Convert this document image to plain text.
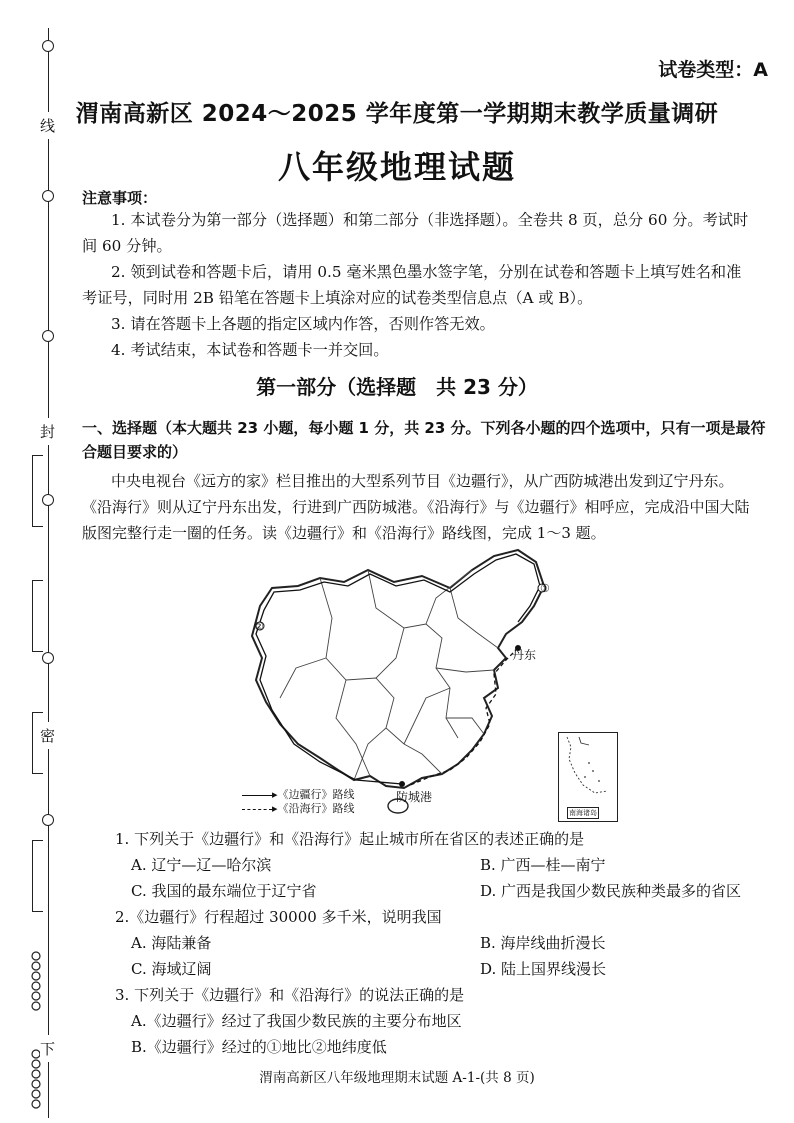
线
封
密
下
试卷类型：A
渭南高新区 2024～2025 学年度第一学期期末教学质量调研
八年级地理试题
注意事项：
1. 本试卷分为第一部分（选择题）和第二部分（非选择题）。全卷共 8 页，总分 60 分。考试时
间 60 分钟。
2. 领到试卷和答题卡后，请用 0.5 毫米黑色墨水签字笔，分别在试卷和答题卡上填写姓名和准
考证号，同时用 2B 铅笔在答题卡上填涂对应的试卷类型信息点（A 或 B）。
3. 请在答题卡上各题的指定区域内作答，否则作答无效。
4. 考试结束，本试卷和答题卡一并交回。
第一部分（选择题　共 23 分）
一、选择题（本大题共 23 小题，每小题 1 分，共 23 分。下列各小题的四个选项中，只有一项是最符合题目要求的）
中央电视台《远方的家》栏目推出的大型系列节目《边疆行》，从广西防城港出发到辽宁丹东。
《沿海行》则从辽宁丹东出发，行进到广西防城港。《沿海行》与《边疆行》相呼应，完成沿中国大陆
版图完整行走一圈的任务。读《边疆行》和《沿海行》路线图，完成 1～3 题。
①
②
丹东
防城港
▸《边疆行》路线
▸《沿海行》路线	南海诸岛
1. 下列关于《边疆行》和《沿海行》起止城市所在省区的表述正确的是
A. 辽宁—辽—哈尔滨	B. 广西—桂—南宁
C. 我国的最东端位于辽宁省	D. 广西是我国少数民族种类最多的省区
2.《边疆行》行程超过 30000 多千米，说明我国
A. 海陆兼备	B. 海岸线曲折漫长
C. 海域辽阔	D. 陆上国界线漫长
3. 下列关于《边疆行》和《沿海行》的说法正确的是
A.《边疆行》经过了我国少数民族的主要分布地区
B.《边疆行》经过的①地比②地纬度低
渭南高新区八年级地理期末试题 A-1-(共 8 页)
